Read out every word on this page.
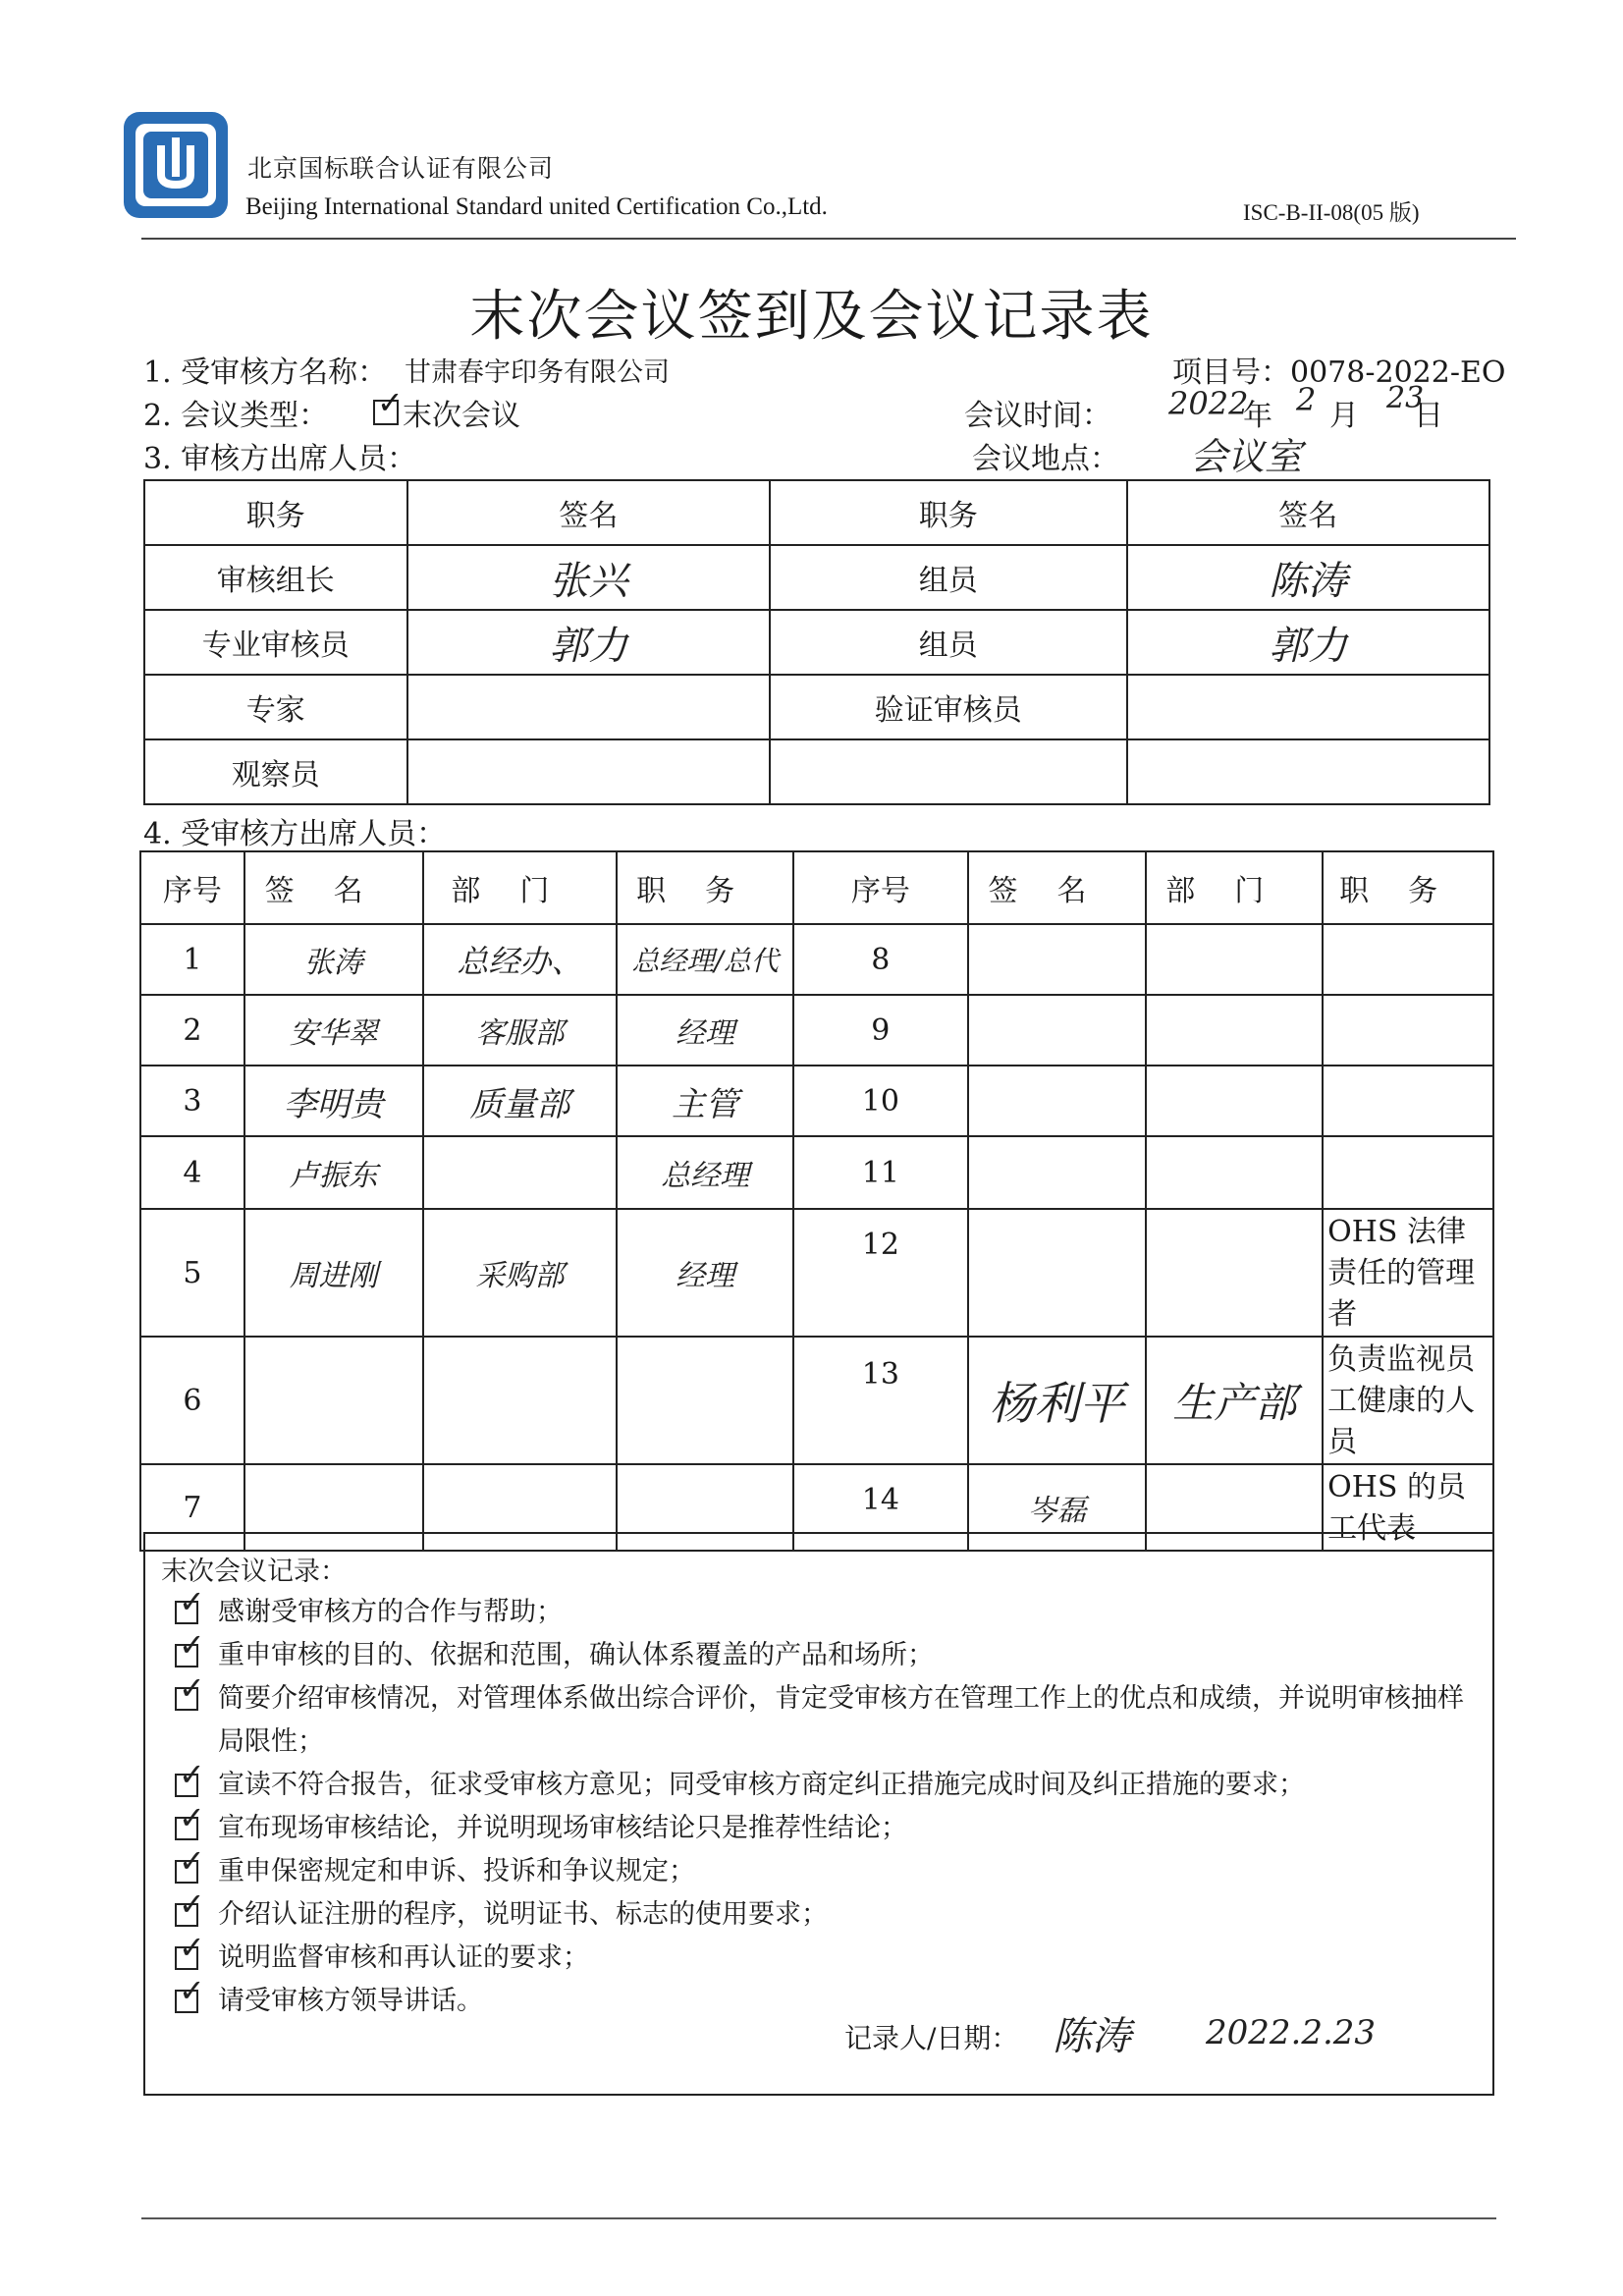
北京国标联合认证有限公司
Beijing International Standard united Certification Co.,Ltd.	ISC-B-II-08(05 版)
末次会议签到及会议记录表
1. 受审核方名称： 甘肃春宇印务有限公司	项目号：0078-2022-EO
2. 会议类型： ✓ 末次会议	会议时间： 2022
年 2 月
23
日
3. 审核方出席人员：	会议地点： 会议室
职务	签名	职务	签名
审核组长	张兴	组员	陈涛
专业审核员	郭力	组员	郭力
专家		验证审核员	
观察员			
4. 受审核方出席人员：
序号	签名	部门	职务	序号	签名	部门	职务
1	张涛	总经办、	总经理/总代	8			
2	安华翠	客服部	经理	9			
3	李明贵	质量部	主管	10			
4	卢振东		总经理	11			
5	周进刚	采购部	经理	12			OHS 法律责任的管理者
6				13	杨利平	生产部	负责监视员工健康的人员
7				14	岑磊		OHS 的员工代表
末次会议记录：
✓
感谢受审核方的合作与帮助；
✓
重申审核的目的、依据和范围，确认体系覆盖的产品和场所；
✓
简要介绍审核情况，对管理体系做出综合评价，肯定受审核方在管理工作上的优点和成绩，并说明审核抽样局限性；
✓
宣读不符合报告，征求受审核方意见；同受审核方商定纠正措施完成时间及纠正措施的要求；
✓
宣布现场审核结论，并说明现场审核结论只是推荐性结论；
✓
重申保密规定和申诉、投诉和争议规定；
✓
介绍认证注册的程序，说明证书、标志的使用要求；
✓
说明监督审核和再认证的要求；
✓
请受审核方领导讲话。
记录人/日期： 陈涛 2022.2.23
